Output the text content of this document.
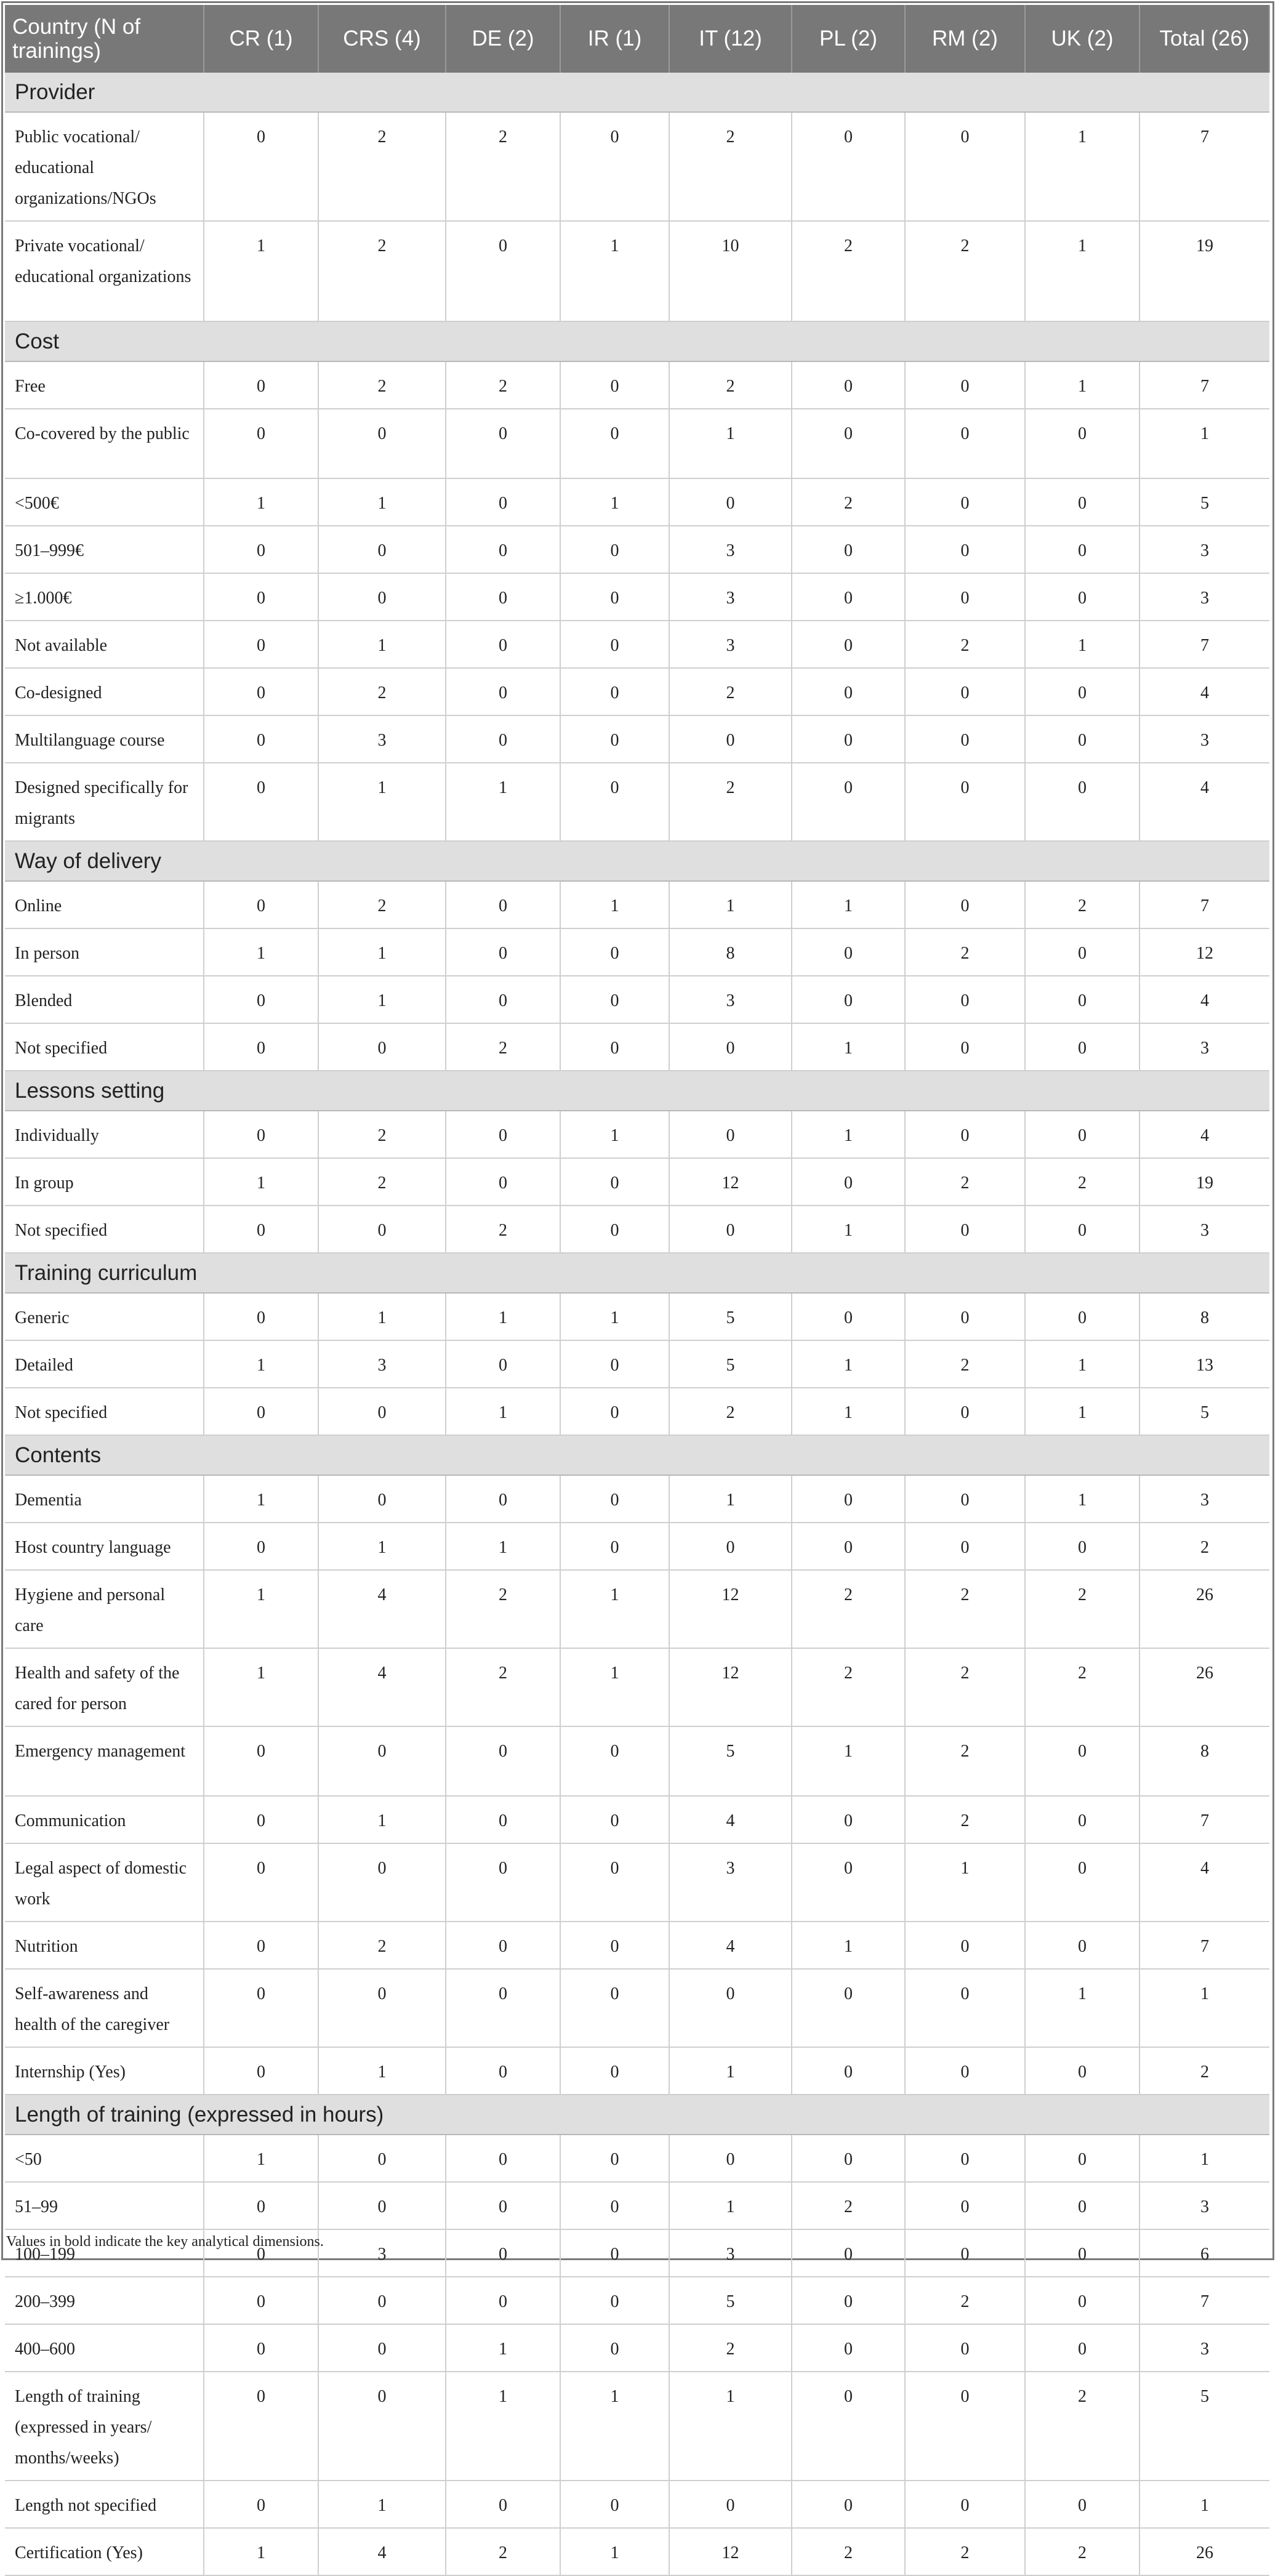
Country (N of trainings)	CR (1)	CRS (4)	DE (2)	IR (1)	IT (12)	PL (2)	RM (2)	UK (2)	Total (26)
Provider									
Public vocational/ educational organizations/NGOs	0	2	2	0	2	0	0	1	7
Private vocational/ educational organizations	1	2	0	1	10	2	2	1	19
Cost									
Free	0	2	2	0	2	0	0	1	7
Co-covered by the public	0	0	0	0	1	0	0	0	1
<500€	1	1	0	1	0	2	0	0	5
501–999€	0	0	0	0	3	0	0	0	3
≥1.000€	0	0	0	0	3	0	0	0	3
Not available	0	1	0	0	3	0	2	1	7
Co-designed	0	2	0	0	2	0	0	0	4
Multilanguage course	0	3	0	0	0	0	0	0	3
Designed specifically for migrants	0	1	1	0	2	0	0	0	4
Way of delivery									
Online	0	2	0	1	1	1	0	2	7
In person	1	1	0	0	8	0	2	0	12
Blended	0	1	0	0	3	0	0	0	4
Not specified	0	0	2	0	0	1	0	0	3
Lessons setting									
Individually	0	2	0	1	0	1	0	0	4
In group	1	2	0	0	12	0	2	2	19
Not specified	0	0	2	0	0	1	0	0	3
Training curriculum									
Generic	0	1	1	1	5	0	0	0	8
Detailed	1	3	0	0	5	1	2	1	13
Not specified	0	0	1	0	2	1	0	1	5
Contents									
Dementia	1	0	0	0	1	0	0	1	3
Host country language	0	1	1	0	0	0	0	0	2
Hygiene and personal care	1	4	2	1	12	2	2	2	26
Health and safety of the cared for person	1	4	2	1	12	2	2	2	26
Emergency management	0	0	0	0	5	1	2	0	8
Communication	0	1	0	0	4	0	2	0	7
Legal aspect of domestic work	0	0	0	0	3	0	1	0	4
Nutrition	0	2	0	0	4	1	0	0	7
Self-awareness and health of the caregiver	0	0	0	0	0	0	0	1	1
Internship (Yes)	0	1	0	0	1	0	0	0	2
Length of training (expressed in hours)									
<50	1	0	0	0	0	0	0	0	1
51–99	0	0	0	0	1	2	0	0	3
100–199	0	3	0	0	3	0	0	0	6
200–399	0	0	0	0	5	0	2	0	7
400–600	0	0	1	0	2	0	0	0	3
Length of training (expressed in years/ months/weeks)	0	0	1	1	1	0	0	2	5
Length not specified	0	1	0	0	0	0	0	0	1
Certification (Yes)	1	4	2	1	12	2	2	2	26
Values in bold indicate the key analytical dimensions.
